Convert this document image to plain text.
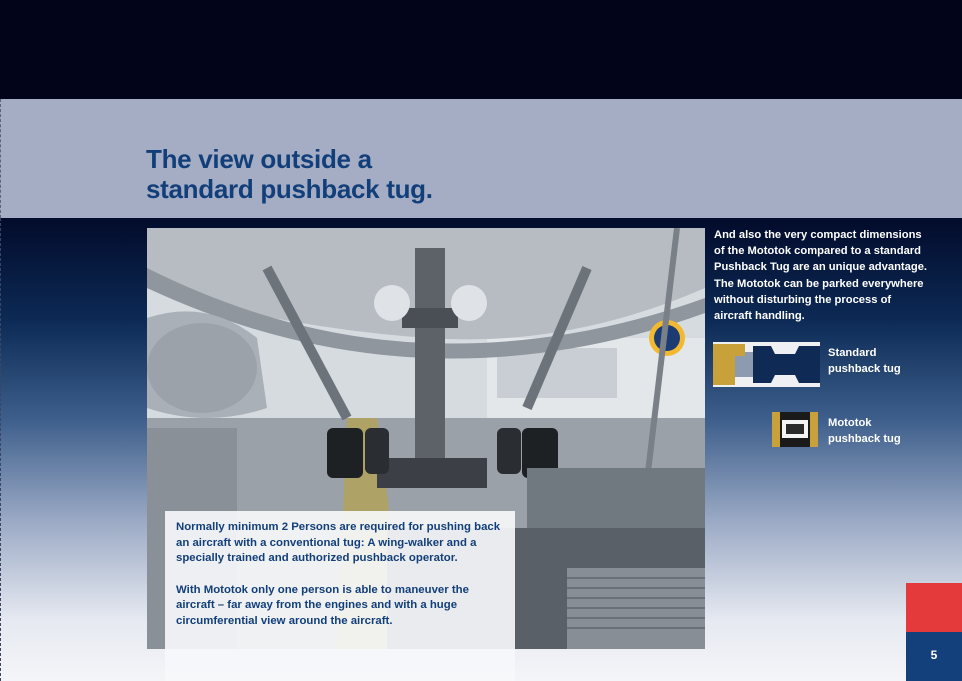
The view outside a
standard pushback tug.

Normally minimum 2 Persons are required for pushing back an aircraft with a conventional tug: A wing-walker and a specially trained and authorized pushback operator.

With Mototok only one person is able to maneuver the aircraft – far away from the engines and with a huge circumferential view around the aircraft.

And also the very compact dimensions of the Mototok compared to a standard Pushback Tug are an unique advantage. The Mototok can be parked everywhere without disturbing the process of aircraft handling.

Standard
pushback tug
Mototok
pushback tug
5
